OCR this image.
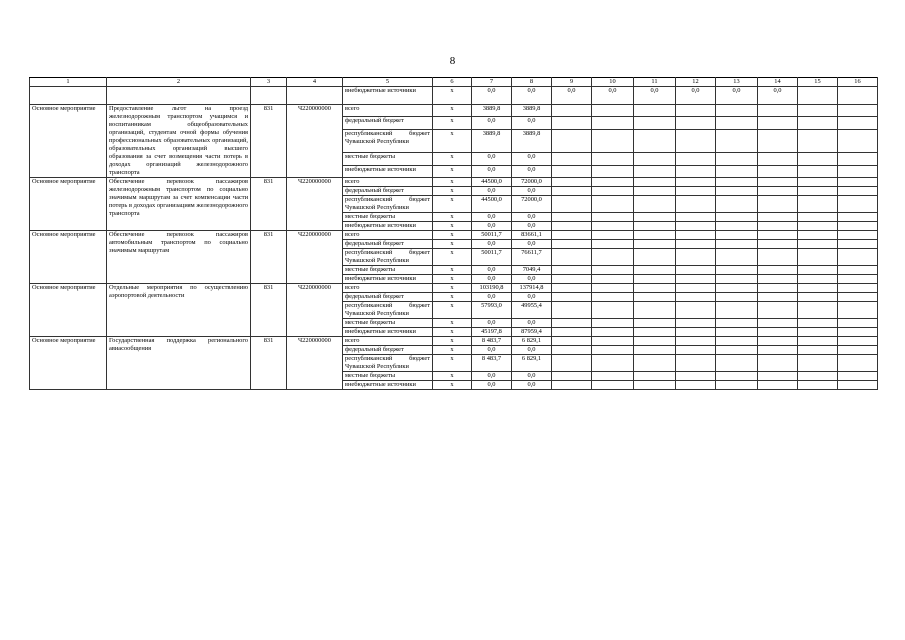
8
1	2	3	4	5	6	7	8	9	10	11	12	13	14	15	16
				внебюджетные источники	x	0,0	0,0	0,0	0,0	0,0	0,0	0,0	0,0		
Основное мероприятие	Предоставление льгот на проезд железнодорожным транспортом учащимся и воспитанникам общеобразовательных организаций, студентам очной формы обучения профессиональных образовательных организаций, образовательных организаций высшего образования за счет возмещения части потерь в доходах организаций железнодорожного транспорта	831	Ч220000000	всего	x	3889,8	3889,8								
				федеральный бюджет	x	0,0	0,0								
				республиканский бюджет Чувашской Республики	x	3889,8	3889,8								
				местные бюджеты	x	0,0	0,0								
				внебюджетные источники	x	0,0	0,0								
Основное мероприятие	Обеспечение перевозок пассажиров железнодорожным транспортом по социально значимым маршрутам за счет компенсации части потерь в доходах организациям железнодорожного транспорта	831	Ч220000000	всего	x	44500,0	72000,0								
				федеральный бюджет	x	0,0	0,0								
				республиканский бюджет Чувашской Республики	x	44500,0	72000,0								
				местные бюджеты	x	0,0	0,0								
				внебюджетные источники	x	0,0	0,0								
Основное мероприятие	Обеспечение перевозок пассажиров автомобильным транспортом по социально значимым маршрутам	831	Ч220000000	всего	x	50011,7	83661,1								
				федеральный бюджет	x	0,0	0,0								
				республиканский бюджет Чувашской Республики	x	50011,7	76611,7								
				местные бюджеты	x	0,0	7049,4								
				внебюджетные источники	x	0,0	0,0								
Основное мероприятие	Отдельные мероприятия по осуществлению аэропортовой деятельности	831	Ч220000000	всего	x	103190,8	137914,8								
				федеральный бюджет	x	0,0	0,0								
				республиканский бюджет Чувашской Республики	x	57993,0	49955,4								
				местные бюджеты	x	0,0	0,0								
				внебюджетные источники	x	45197,8	87959,4								
Основное мероприятие	Государственная поддержка регионального авиасообщения	831	Ч220000000	всего	x	8 483,7	6 829,1								
				федеральный бюджет	x	0,0	0,0								
				республиканский бюджет Чувашской Республики	x	8 483,7	6 829,1								
				местные бюджеты	x	0,0	0,0								
				внебюджетные источники	x	0,0	0,0								
